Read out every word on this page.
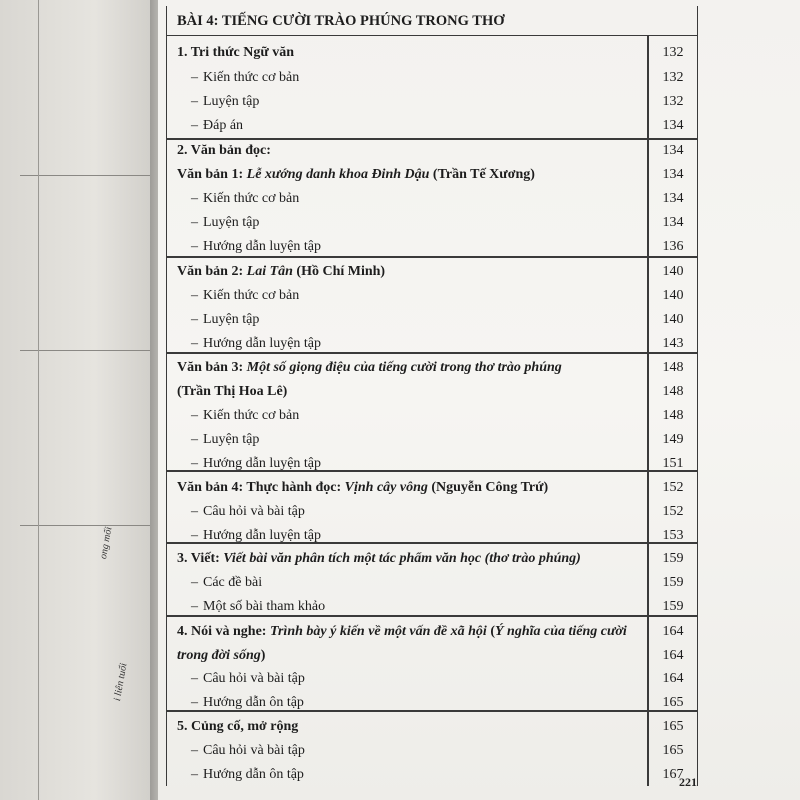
ong mối
i liên tuổi
BÀI 4: TIẾNG CƯỜI TRÀO PHÚNG TRONG THƠ
221
1. Tri thức Ngữ văn	132
– Kiến thức cơ bản	132
– Luyện tập	132
– Đáp án	134
2. Văn bản đọc:	134
Văn bản 1: Lễ xướng danh khoa Đinh Dậu (Trần Tế Xương)	134
– Kiến thức cơ bản	134
– Luyện tập	134
– Hướng dẫn luyện tập	136
Văn bản 2: Lai Tân (Hồ Chí Minh)	140
– Kiến thức cơ bản	140
– Luyện tập	140
– Hướng dẫn luyện tập	143
Văn bản 3: Một số giọng điệu của tiếng cười trong thơ trào phúng	148
(Trần Thị Hoa Lê)	148
– Kiến thức cơ bản	148
– Luyện tập	149
– Hướng dẫn luyện tập	151
Văn bản 4: Thực hành đọc: Vịnh cây vông (Nguyễn Công Trứ)	152
– Câu hỏi và bài tập	152
– Hướng dẫn luyện tập	153
3. Viết: Viết bài văn phân tích một tác phẩm văn học (thơ trào phúng)	159
– Các đề bài	159
– Một số bài tham khảo	159
4. Nói và nghe: Trình bày ý kiến về một vấn đề xã hội (Ý nghĩa của tiếng cười	164
trong đời sống)	164
– Câu hỏi và bài tập	164
– Hướng dẫn ôn tập	165
5. Củng cố, mở rộng	165
– Câu hỏi và bài tập	165
– Hướng dẫn ôn tập	167
